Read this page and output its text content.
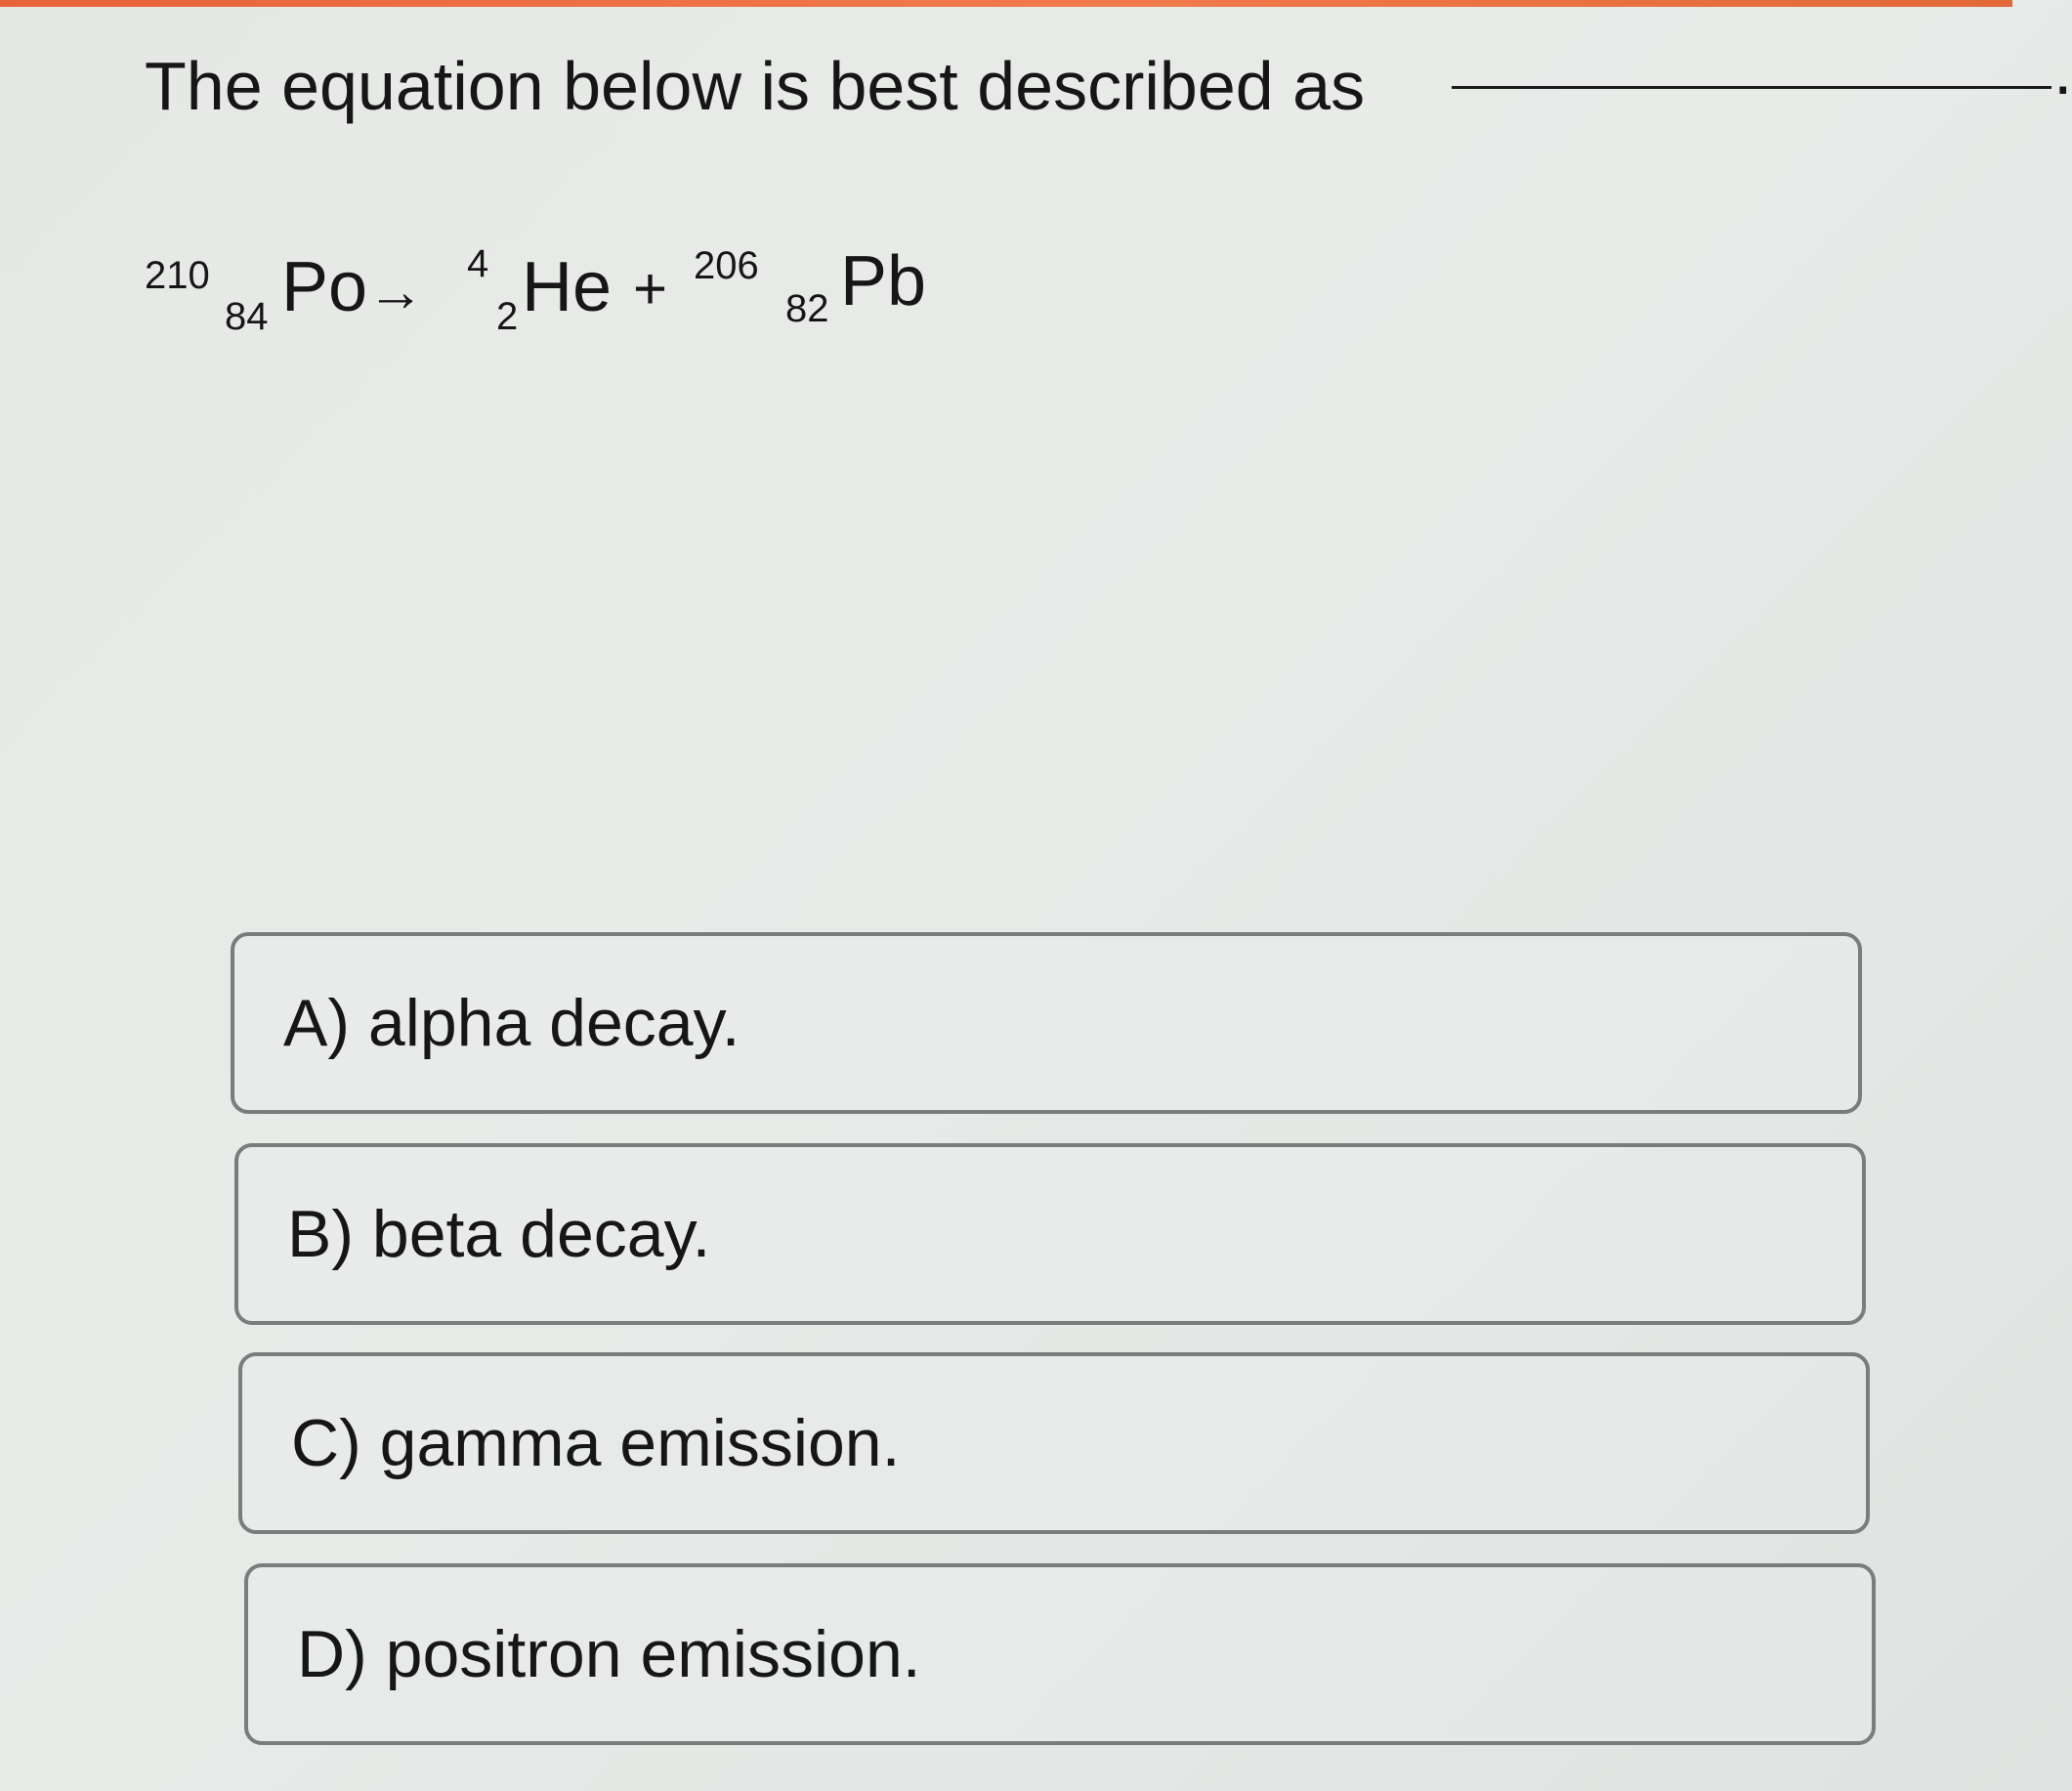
The equation below is best described as	.
210
84 Po → 4
2 He + 206
82 Pb
A) alpha decay.
B) beta decay.
C) gamma emission.
D) positron emission.
